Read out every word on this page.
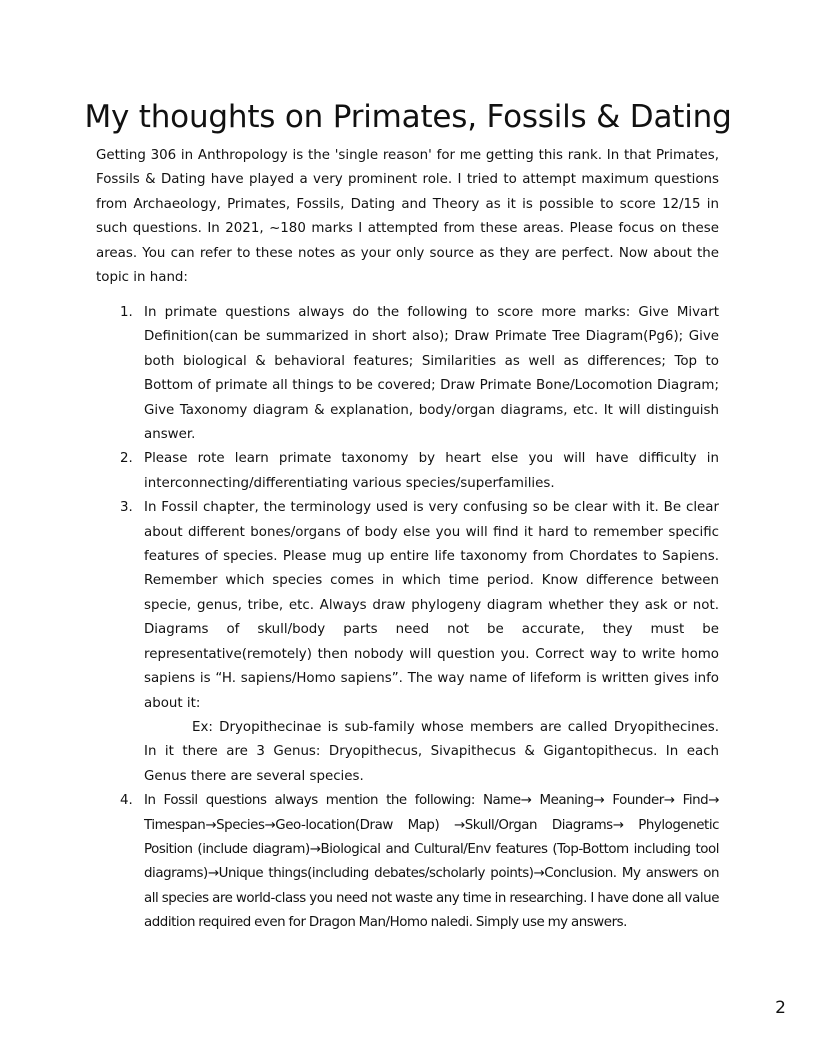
My thoughts on Primates, Fossils & Dating

Getting 306 in Anthropology is the 'single reason' for me getting this rank. In that Primates, Fossils & Dating have played a very prominent role. I tried to attempt maximum questions from Archaeology, Primates, Fossils, Dating and Theory as it is possible to score 12/15 in such questions. In 2021, ~180 marks I attempted from these areas. Please focus on these areas. You can refer to these notes as your only source as they are perfect. Now about the topic in hand:

1. In primate questions always do the following to score more marks: Give Mivart Definition(can be summarized in short also); Draw Primate Tree Diagram(Pg6); Give both biological & behavioral features; Similarities as well as differences; Top to Bottom of primate all things to be covered; Draw Primate Bone/Locomotion Diagram; Give Taxonomy diagram & explanation, body/organ diagrams, etc. It will distinguish answer.
2. Please rote learn primate taxonomy by heart else you will have difficulty in interconnecting/differentiating various species/superfamilies.
3. In Fossil chapter, the terminology used is very confusing so be clear with it. Be clear about different bones/organs of body else you will find it hard to remember specific features of species. Please mug up entire life taxonomy from Chordates to Sapiens. Remember which species comes in which time period. Know difference between specie, genus, tribe, etc. Always draw phylogeny diagram whether they ask or not. Diagrams of skull/body parts need not be accurate, they must be representative(remotely) then nobody will question you. Correct way to write homo sapiens is “H. sapiens/Homo sapiens”. The way name of lifeform is written gives info about it:
Ex: Dryopithecinae is sub-family whose members are called Dryopithecines. In it there are 3 Genus: Dryopithecus, Sivapithecus & Gigantopithecus. In each Genus there are several species.
4. In Fossil questions always mention the following: Name→ Meaning→ Founder→ Find→ Timespan→Species→Geo-location(Draw Map) →Skull/Organ Diagrams→ Phylogenetic Position (include diagram)→Biological and Cultural/Env features (Top-Bottom including tool diagrams)→Unique things(including debates/scholarly points)→Conclusion. My answers on all species are world-class you need not waste any time in researching. I have done all value addition required even for Dragon Man/Homo naledi. Simply use my answers.
2
